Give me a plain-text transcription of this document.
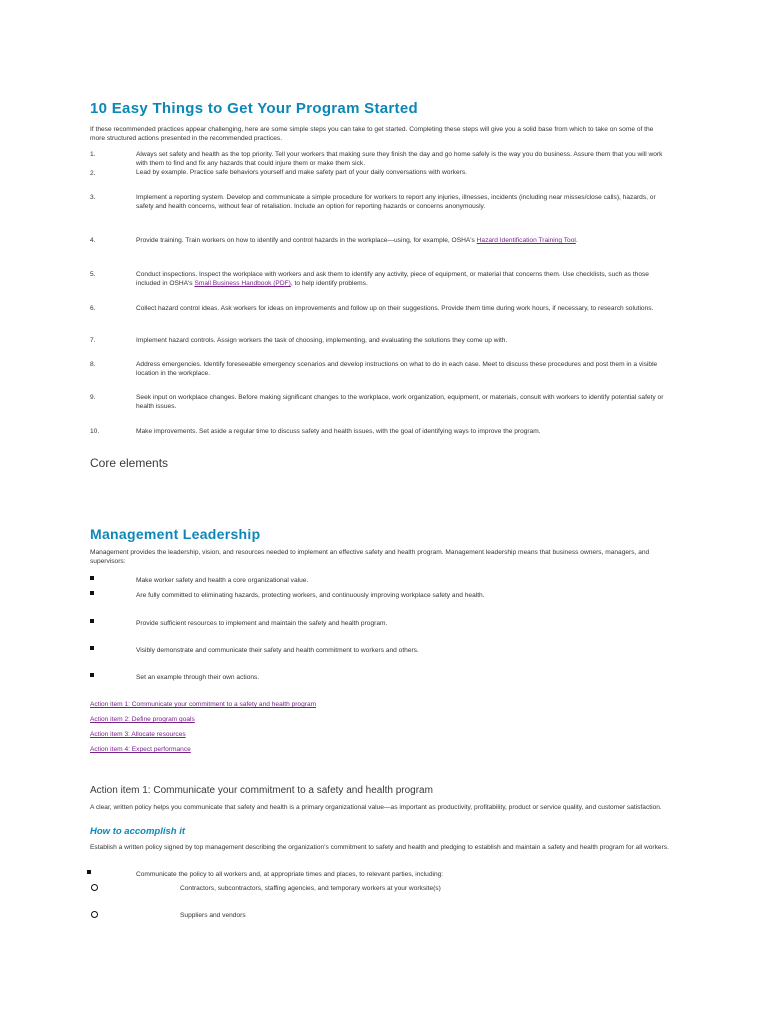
10 Easy Things to Get Your Program Started
If these recommended practices appear challenging, here are some simple steps you can take to get started. Completing these steps will give you a solid base from which to take on some of the more structured actions presented in the recommended practices.
1.	Always set safety and health as the top priority. Tell your workers that making sure they finish the day and go home safely is the way you do business. Assure them that you will work with them to find and fix any hazards that could injure them or make them sick.
2.	Lead by example. Practice safe behaviors yourself and make safety part of your daily conversations with workers.
3.	Implement a reporting system. Develop and communicate a simple procedure for workers to report any injuries, illnesses, incidents (including near misses/close calls), hazards, or safety and health concerns, without fear of retaliation. Include an option for reporting hazards or concerns anonymously.
4.	Provide training. Train workers on how to identify and control hazards in the workplace—using, for example, OSHA's Hazard Identification Training Tool.
5.	Conduct inspections. Inspect the workplace with workers and ask them to identify any activity, piece of equipment, or material that concerns them. Use checklists, such as those included in OSHA's Small Business Handbook (PDF), to help identify problems.
6.	Collect hazard control ideas. Ask workers for ideas on improvements and follow up on their suggestions. Provide them time during work hours, if necessary, to research solutions.
7.	Implement hazard controls. Assign workers the task of choosing, implementing, and evaluating the solutions they come up with.
8.	Address emergencies. Identify foreseeable emergency scenarios and develop instructions on what to do in each case. Meet to discuss these procedures and post them in a visible location in the workplace.
9.	Seek input on workplace changes. Before making significant changes to the workplace, work organization, equipment, or materials, consult with workers to identify potential safety or health issues.
10.	Make improvements. Set aside a regular time to discuss safety and health issues, with the goal of identifying ways to improve the program.
Core elements
Management Leadership
Management provides the leadership, vision, and resources needed to implement an effective safety and health program. Management leadership means that business owners, managers, and supervisors:
Make worker safety and health a core organizational value.
Are fully committed to eliminating hazards, protecting workers, and continuously improving workplace safety and health.
Provide sufficient resources to implement and maintain the safety and health program.
Visibly demonstrate and communicate their safety and health commitment to workers and others.
Set an example through their own actions.
Action item 1: Communicate your commitment to a safety and health program
Action item 2: Define program goals
Action item 3: Allocate resources
Action item 4: Expect performance
Action item 1: Communicate your commitment to a safety and health program
A clear, written policy helps you communicate that safety and health is a primary organizational value—as important as productivity, profitability, product or service quality, and customer satisfaction.
How to accomplish it
Establish a written policy signed by top management describing the organization's commitment to safety and health and pledging to establish and maintain a safety and health program for all workers.
Communicate the policy to all workers and, at appropriate times and places, to relevant parties, including:
Contractors, subcontractors, staffing agencies, and temporary workers at your worksite(s)
Suppliers and vendors
